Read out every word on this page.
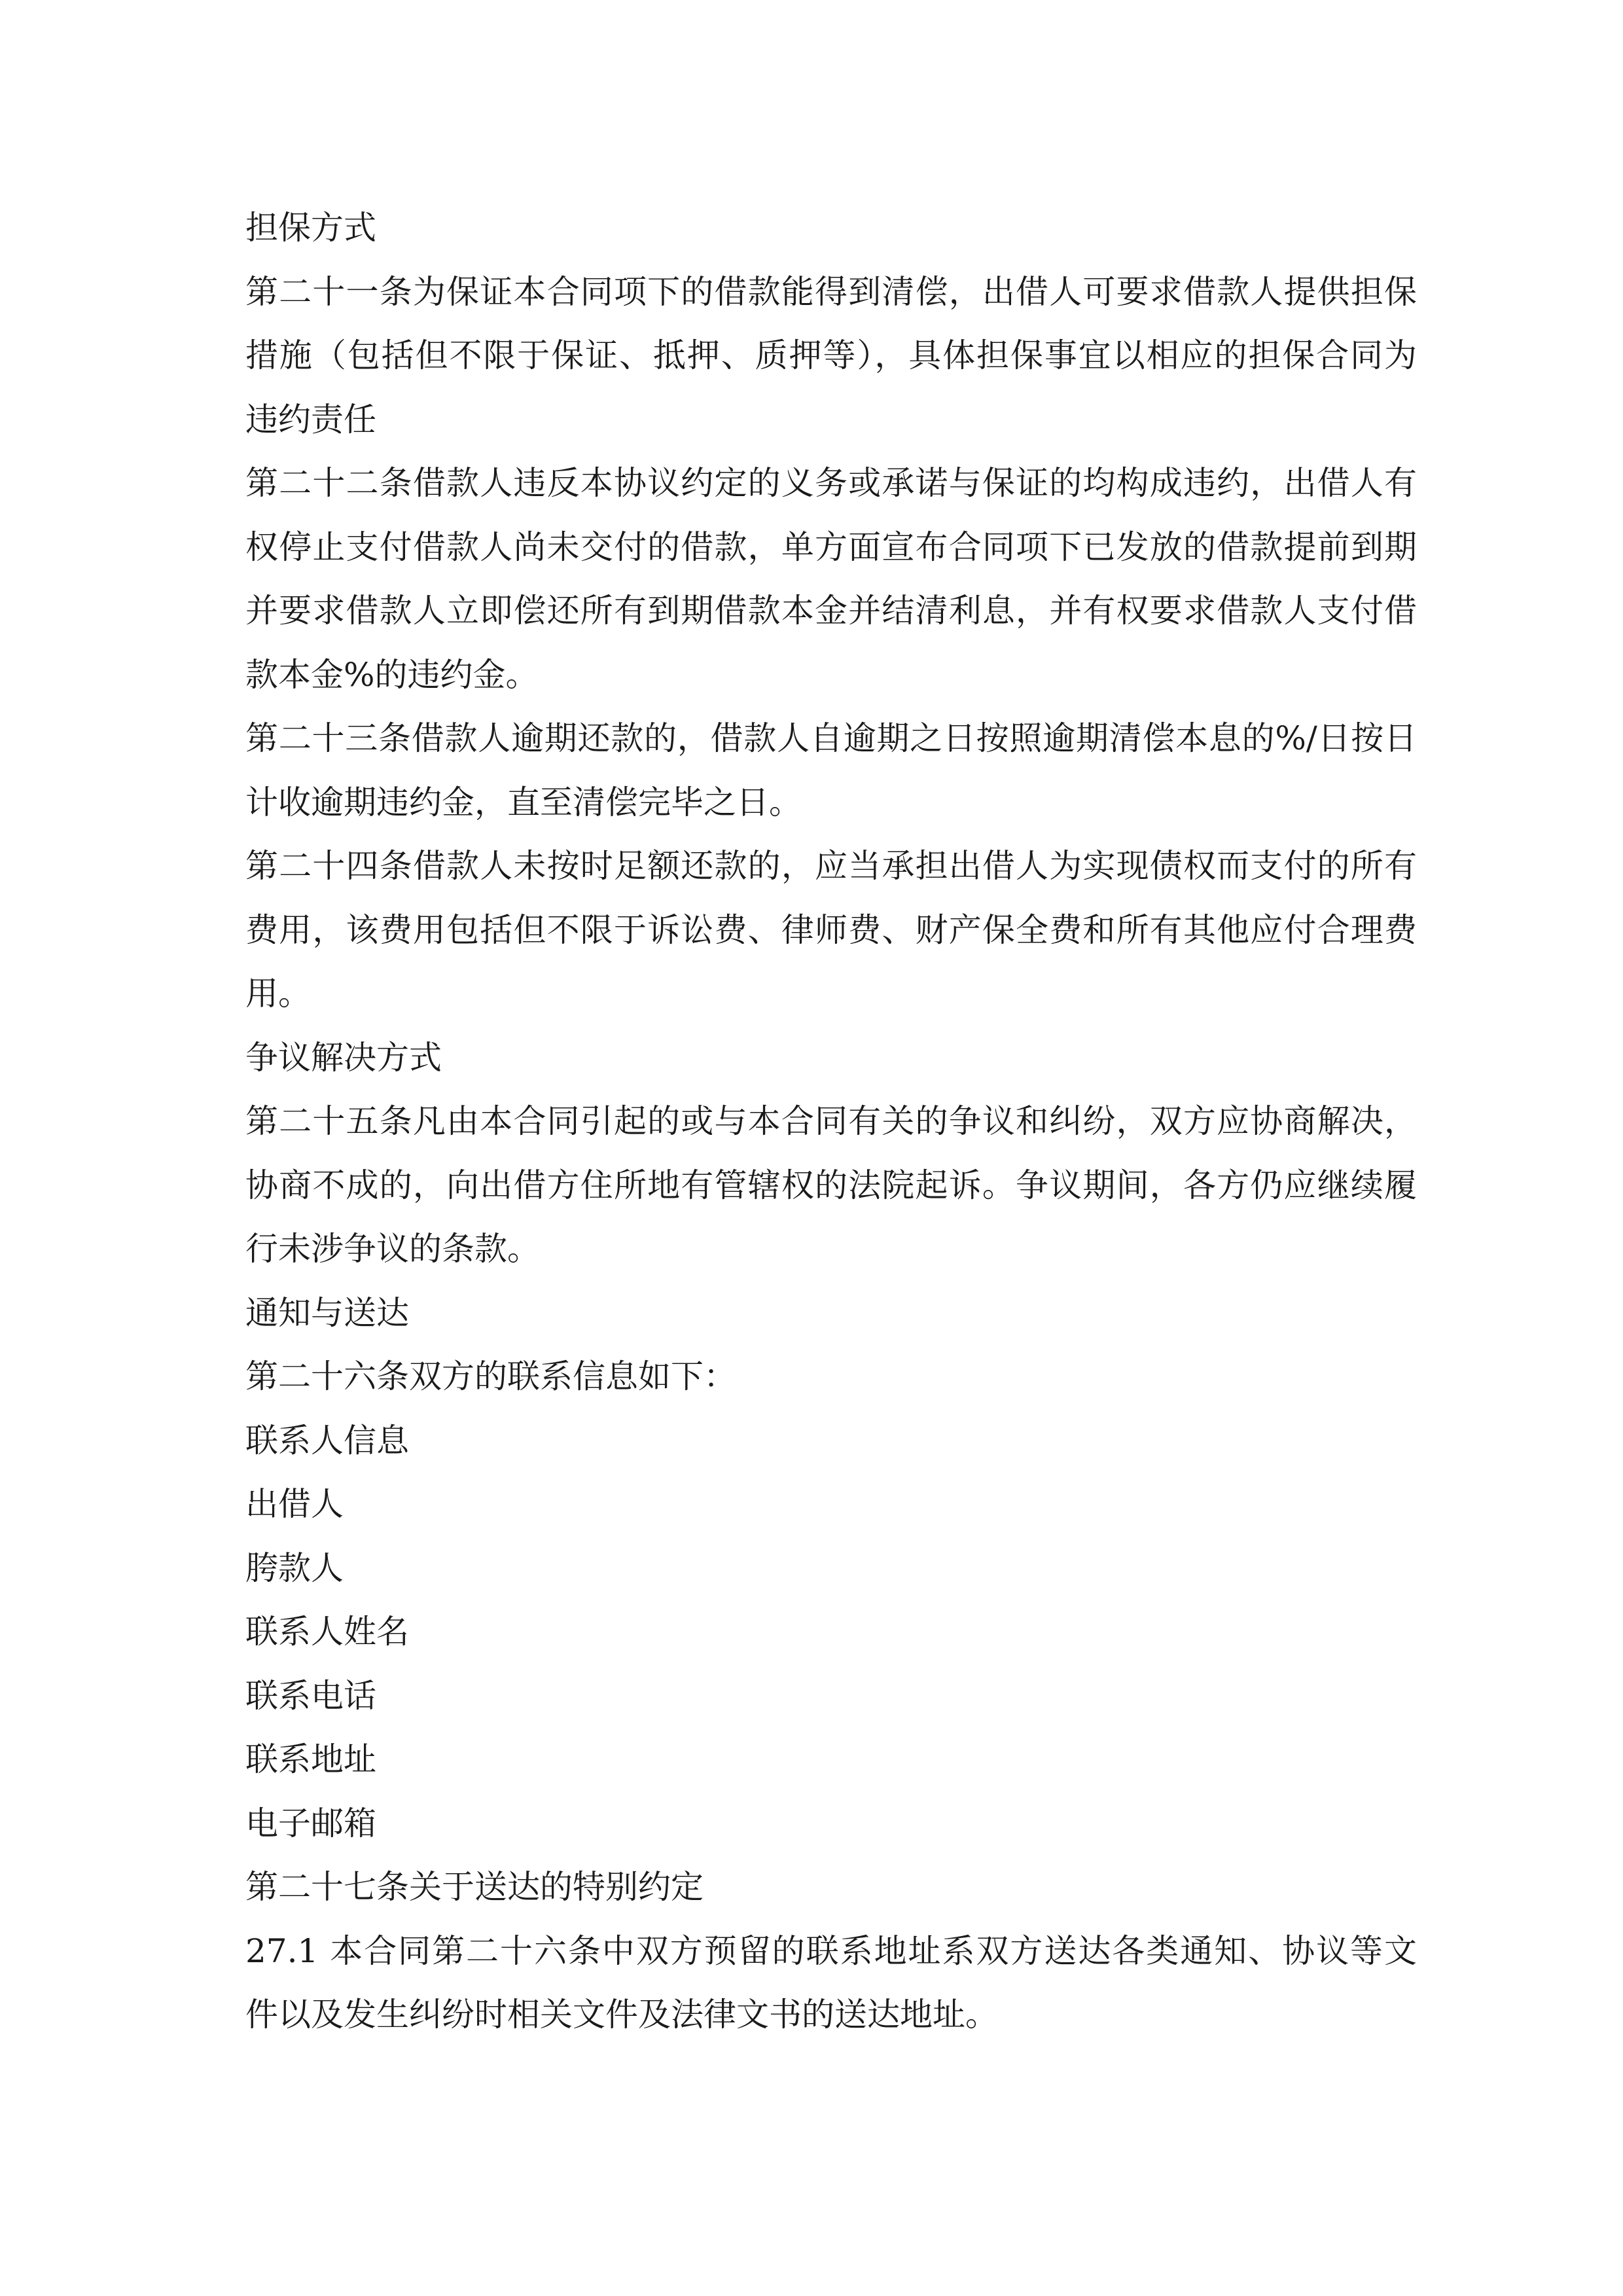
担保方式
第二十一条为保证本合同项下的借款能得到清偿，出借人可要求借款人提供担保
措施（包括但不限于保证、抵押、质押等），具体担保事宜以相应的担保合同为
违约责任
第二十二条借款人违反本协议约定的义务或承诺与保证的均构成违约，出借人有
权停止支付借款人尚未交付的借款，单方面宣布合同项下已发放的借款提前到期
并要求借款人立即偿还所有到期借款本金并结清利息，并有权要求借款人支付借
款本金%的违约金。
第二十三条借款人逾期还款的，借款人自逾期之日按照逾期清偿本息的%/日按日
计收逾期违约金，直至清偿完毕之日。
第二十四条借款人未按时足额还款的，应当承担出借人为实现债权而支付的所有
费用，该费用包括但不限于诉讼费、律师费、财产保全费和所有其他应付合理费
用。
争议解决方式
第二十五条凡由本合同引起的或与本合同有关的争议和纠纷，双方应协商解决，
协商不成的，向出借方住所地有管辖权的法院起诉。争议期间，各方仍应继续履
行未涉争议的条款。
通知与送达
第二十六条双方的联系信息如下：
联系人信息
出借人
胯款人
联系人姓名
联系电话
联系地址
电子邮箱
第二十七条关于送达的特别约定
27.1 本合同第二十六条中双方预留的联系地址系双方送达各类通知、协议等文
件以及发生纠纷时相关文件及法律文书的送达地址。
